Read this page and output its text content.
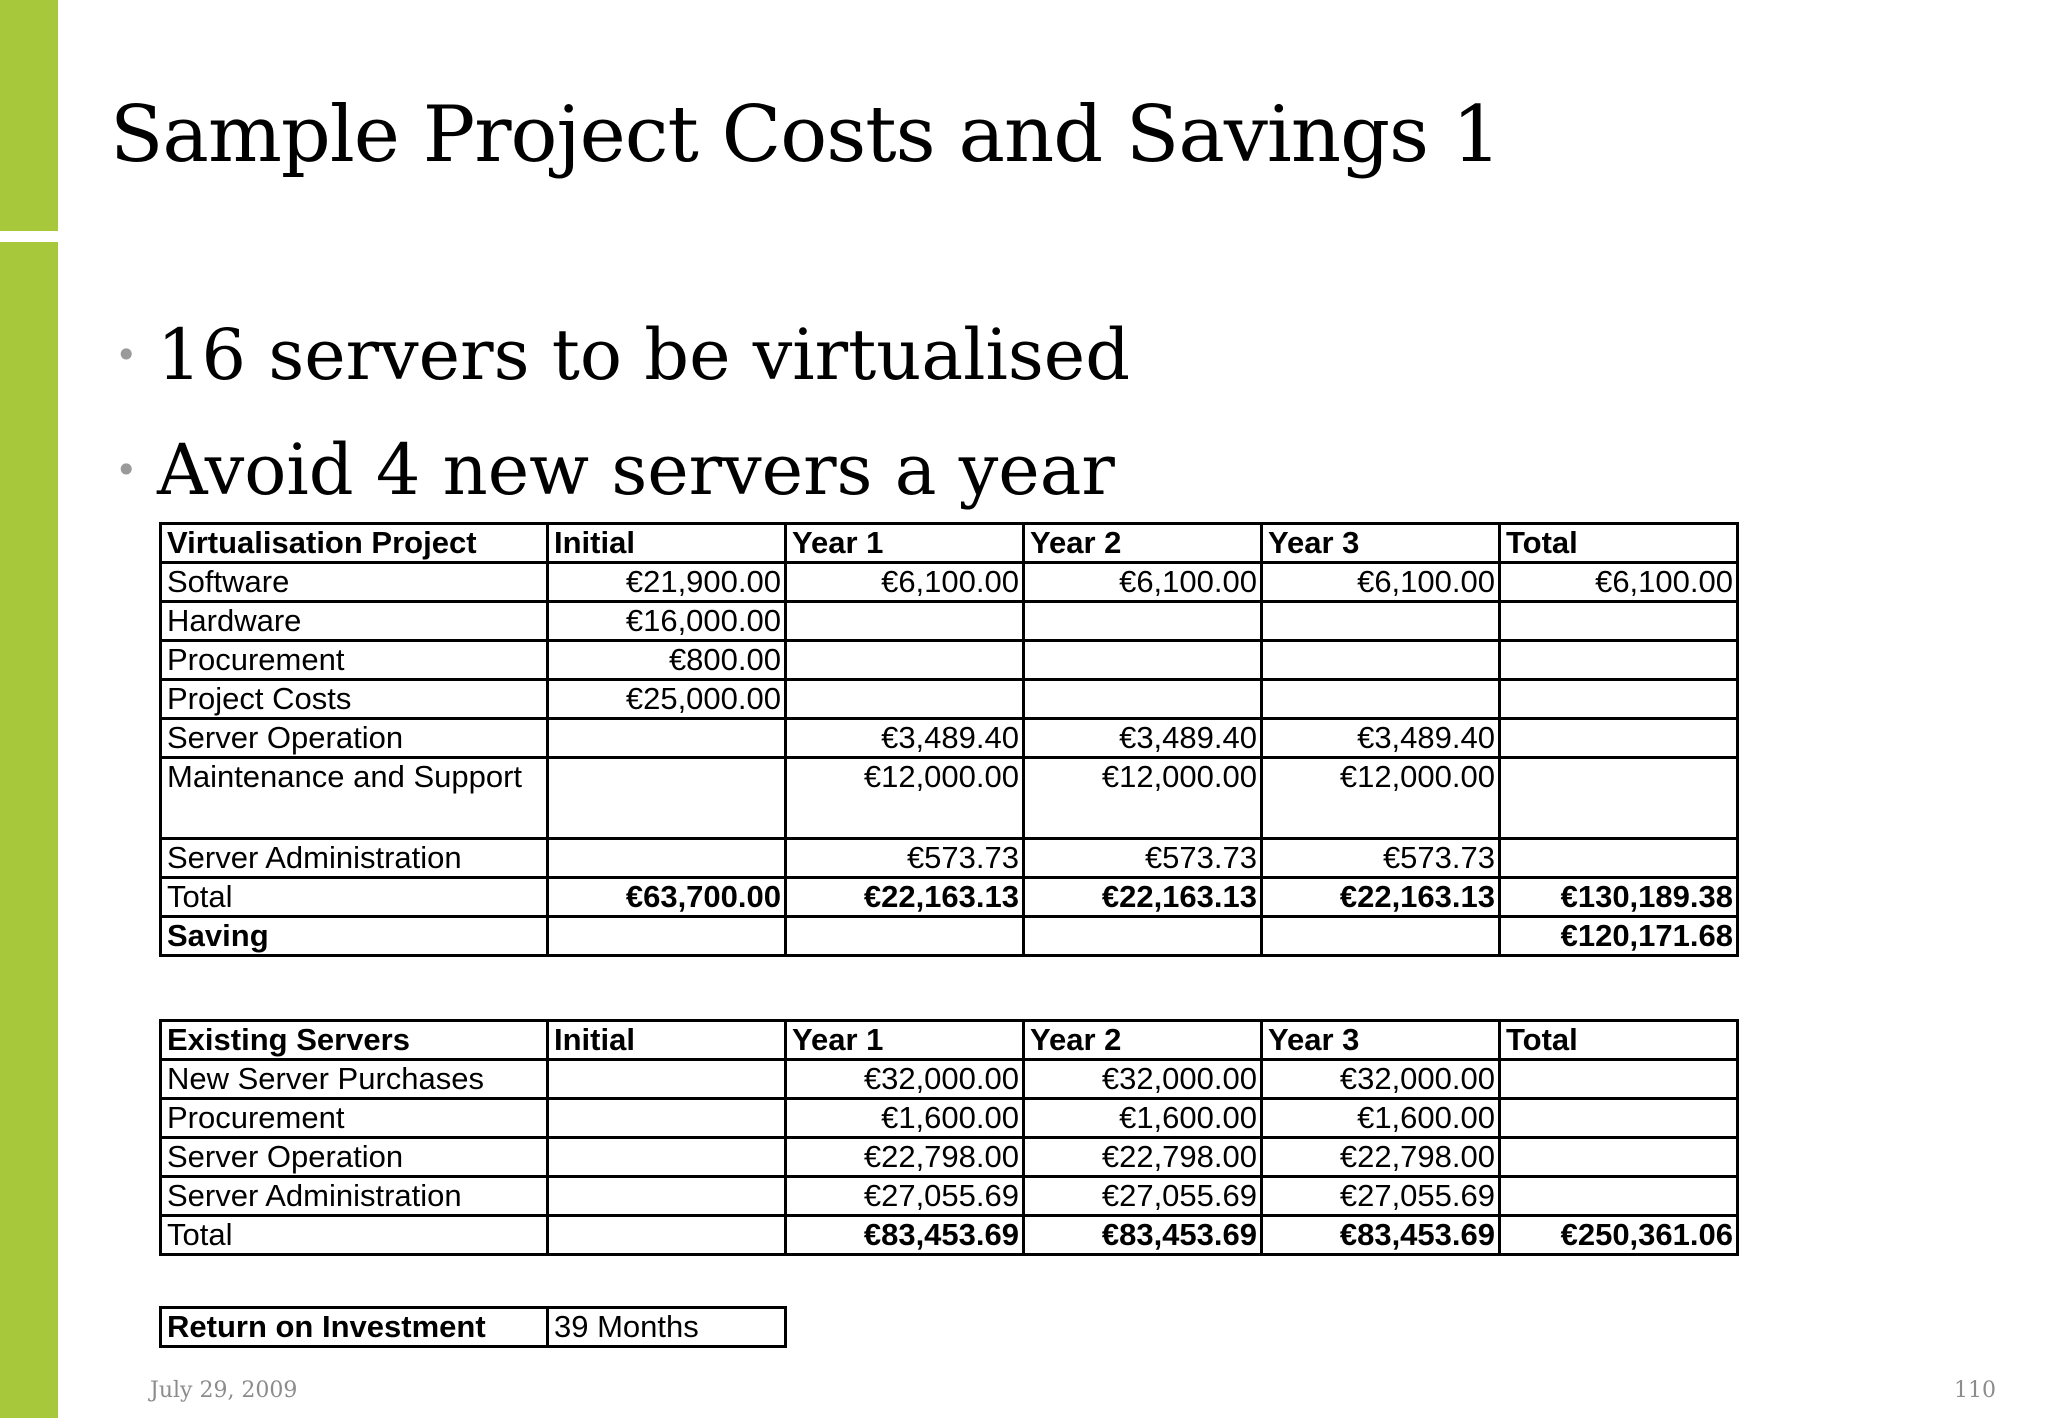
Sample Project Costs and Savings 1
• 16 servers to be virtualised
• Avoid 4 new servers a year
Virtualisation Project	Initial	Year 1	Year 2	Year 3	Total
Software	€21,900.00	€6,100.00	€6,100.00	€6,100.00	€6,100.00
Hardware	€16,000.00				
Procurement	€800.00				
Project Costs	€25,000.00				
Server Operation		€3,489.40	€3,489.40	€3,489.40	
Maintenance and Support		€12,000.00	€12,000.00	€12,000.00	
Server Administration		€573.73	€573.73	€573.73	
Total	€63,700.00	€22,163.13	€22,163.13	€22,163.13	€130,189.38
Saving					€120,171.68
Existing Servers	Initial	Year 1	Year 2	Year 3	Total
New Server Purchases		€32,000.00	€32,000.00	€32,000.00	
Procurement		€1,600.00	€1,600.00	€1,600.00	
Server Operation		€22,798.00	€22,798.00	€22,798.00	
Server Administration		€27,055.69	€27,055.69	€27,055.69	
Total		€83,453.69	€83,453.69	€83,453.69	€250,361.06
Return on Investment	39 Months
July 29, 2009	110
